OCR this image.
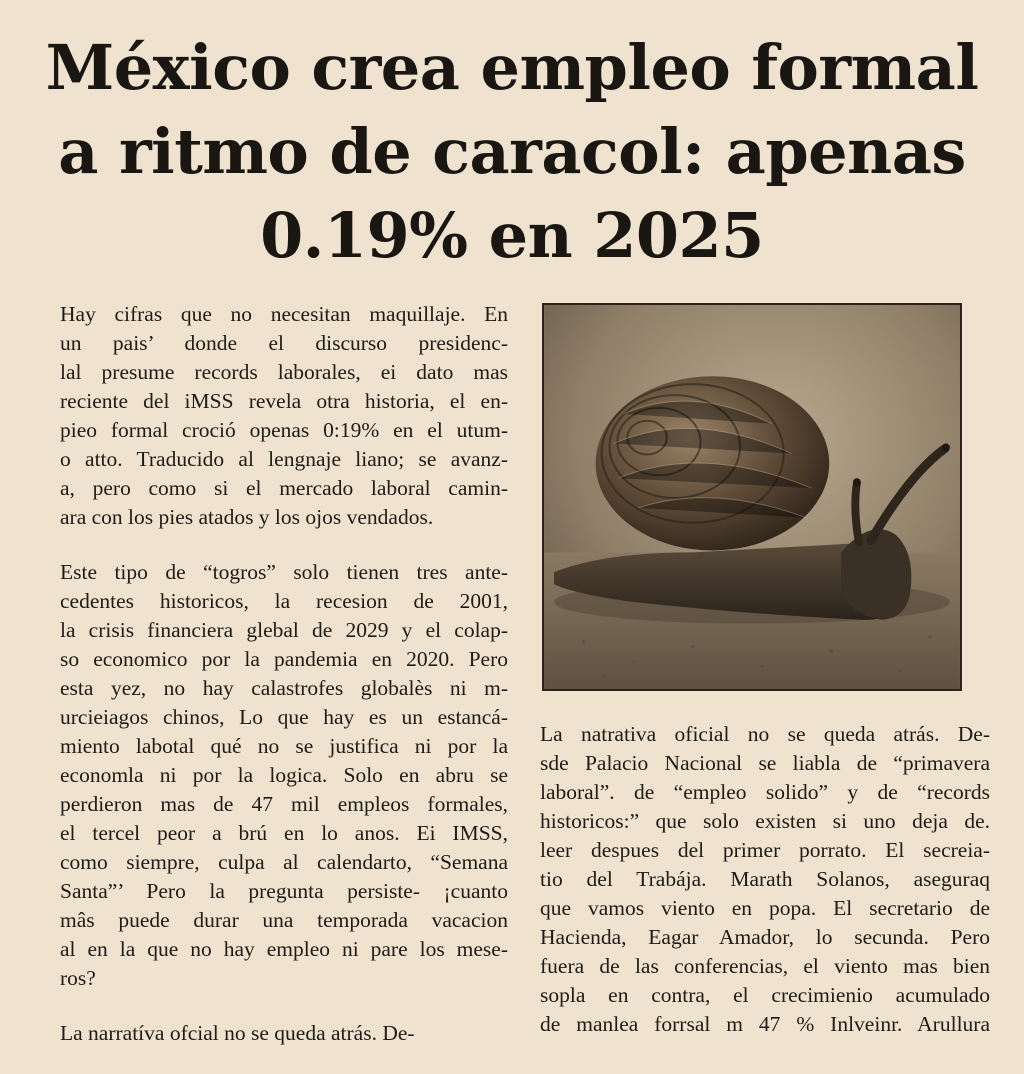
México crea empleo formal
a ritmo de caracol: apenas
0.19% en 2025

Hay cifras que no necesitan maquillaje. En
un pais’ donde el discurso presidenc-
lal presume records laborales, ei dato mas
reciente del iMSS revela otra historia, el en-
pieo formal croció openas 0:19% en el utum-
o atto. Traducido al lengnaje liano; se avanz-
a, pero como si el mercado laboral camin-
ara con los pies atados y los ojos vendados.

Este tipo de “togros” solo tienen tres ante-
cedentes historicos, la recesion de 2001,
la crisis financiera glebal de 2029 y el colap-
so economico por la pandemia en 2020. Pero
esta yez, no hay calastrofes globalès ni m-
urcieiagos chinos, Lo que hay es un estancá-
miento labotal qué no se justifica ni por la
economla ni por la logica. Solo en abru se
perdieron mas de 47 mil empleos formales,
el tercel peor a brú en lo anos. Ei IMSS,
como siempre, culpa al calendarto, “Semana
Santa”’ Pero la pregunta persiste- ¡cuanto
mâs puede durar una temporada vacacion
al en la que no hay empleo ni pare los mese-
ros?

La narratíva ofcial no se queda atrás. De-

La natrativa oficial no se queda atrás. De-
sde Palacio Nacional se liabla de “primavera
laboral”. de “empleo solido” y de “records
historicos:” que solo existen si uno deja de.
leer despues del primer porrato. El secreia-
tio del Trabája. Marath Solanos, aseguraq
que vamos viento en popa. El secretario de
Hacienda, Eagar Amador, lo secunda. Pero
fuera de las conferencias, el viento mas bien
sopla en contra, el crecimienio acumulado
de manlea forrsal m 47 % Inlveinr. Arullura
